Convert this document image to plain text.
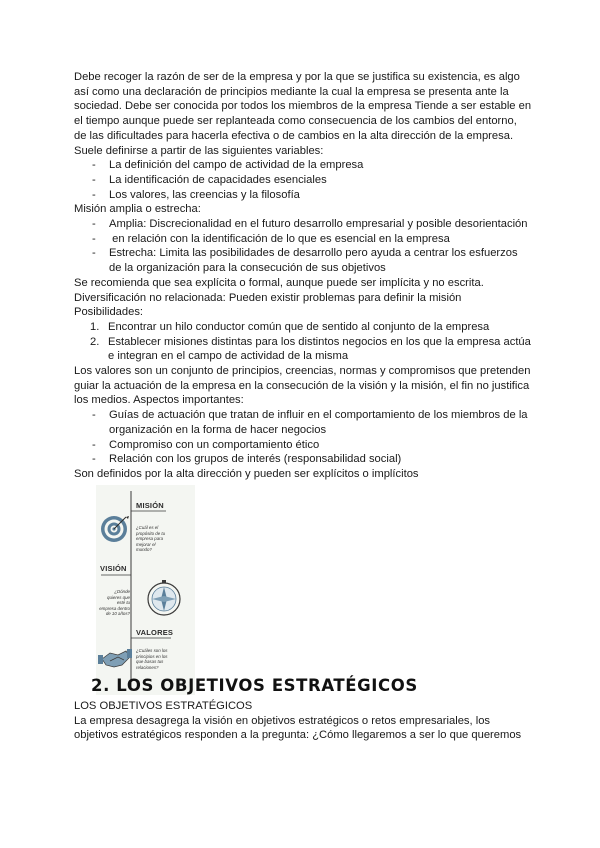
Debe recoger la razón de ser de la empresa y por la que se justifica su existencia, es algo así como una declaración de principios mediante la cual la empresa se presenta ante la sociedad. Debe ser conocida por todos los miembros de la empresa Tiende a ser estable en el tiempo aunque puede ser replanteada como consecuencia de los cambios del entorno, de las dificultades para hacerla efectiva o de cambios en la alta dirección de la empresa. Suele definirse a partir de las siguientes variables:

- La definición del campo de actividad de la empresa

- La identificación de capacidades esenciales

- Los valores, las creencias y la filosofía

Misión amplia o estrecha:

- Amplia: Discrecionalidad en el futuro desarrollo empresarial y posible desorientación

- en relación con la identificación de lo que es esencial en la empresa

- Estrecha: Limita las posibilidades de desarrollo pero ayuda a centrar los esfuerzos de la organización para la consecución de sus objetivos

Se recomienda que sea explícita o formal, aunque puede ser implícita y no escrita.

Diversificación no relacionada: Pueden existir problemas para definir la misión

Posibilidades:

1. Encontrar un hilo conductor común que de sentido al conjunto de la empresa

2. Establecer misiones distintas para los distintos negocios en los que la empresa actúa e integran en el campo de actividad de la misma

Los valores son un conjunto de principios, creencias, normas y compromisos que pretenden guiar la actuación de la empresa en la consecución de la visión y la misión, el fin no justifica los medios. Aspectos importantes:

- Guías de actuación que tratan de influir en el comportamiento de los miembros de la organización en la forma de hacer negocios

- Compromiso con un comportamiento ético

- Relación con los grupos de interés (responsabilidad social)

Son definidos por la alta dirección y pueden ser explícitos o implícitos

MISIÓN
¿Cuál es el propósito de tu empresa para mejorar el mundo?
VISIÓN
¿Dónde quieres que esté tu empresa dentro de 10 años?
VALORES
¿Cuáles son los principios en los que basas tus relaciones?
2. LOS OBJETIVOS ESTRATÉGICOS

LOS OBJETIVOS ESTRATÉGICOS

La empresa desagrega la visión en objetivos estratégicos o retos empresariales, los objetivos estratégicos responden a la pregunta: ¿Cómo llegaremos a ser lo que queremos
